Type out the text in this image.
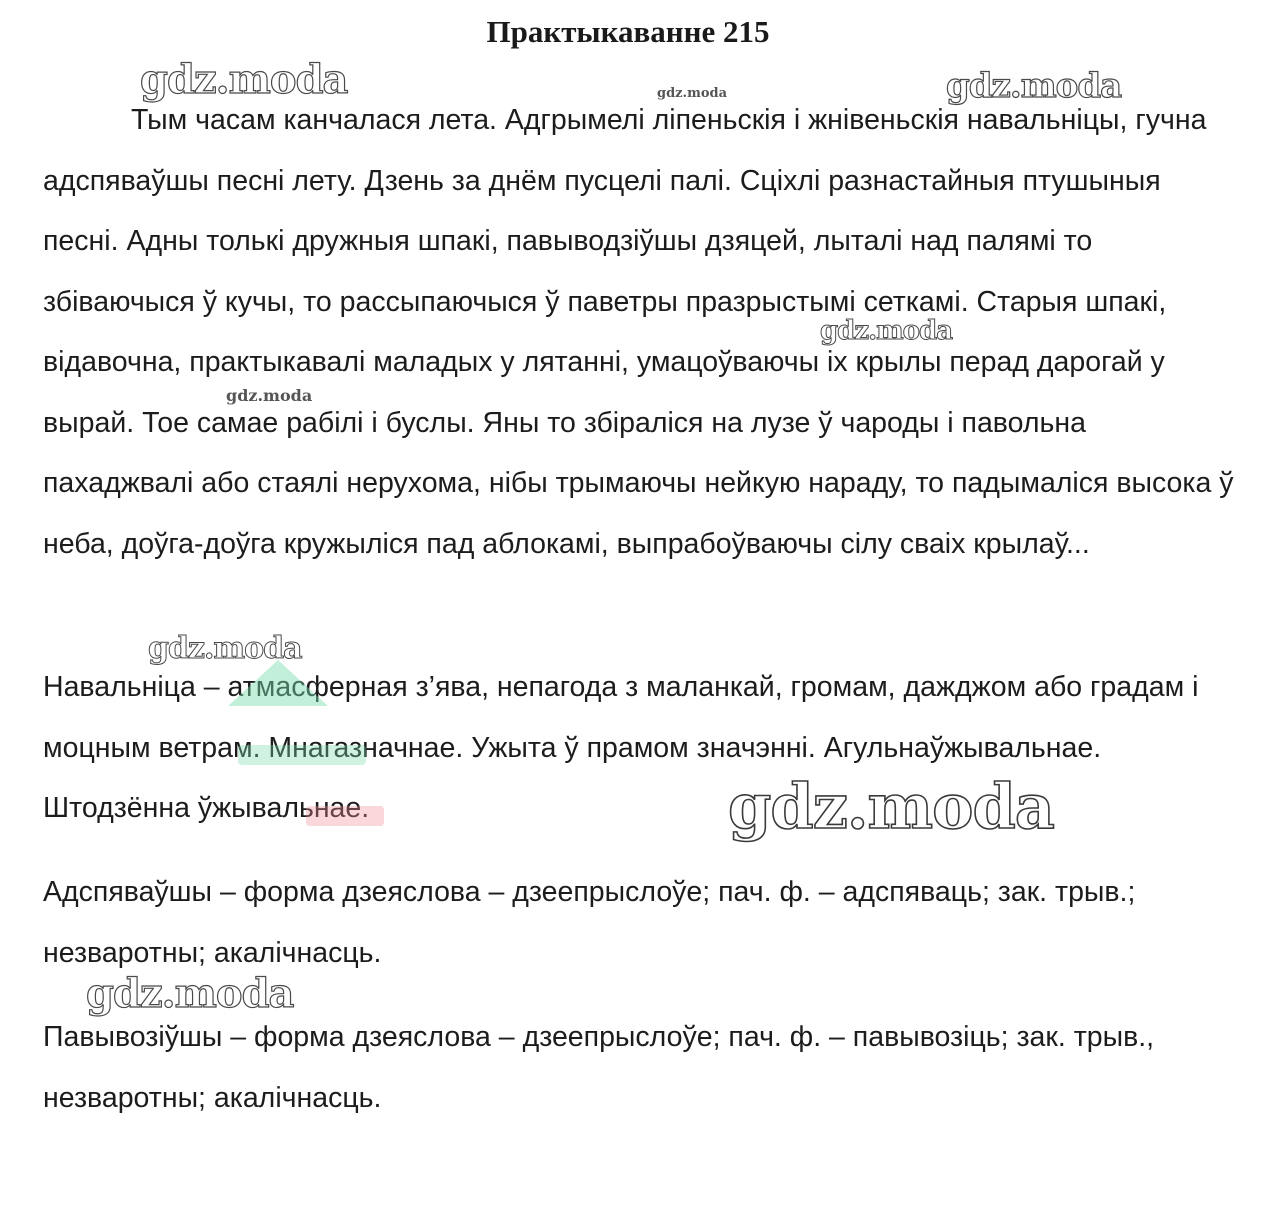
Практыкаванне 215

Тым часам канчалася лета. Адгрымелі ліпеньскія і жнівеньскія навальніцы, гучна адспяваўшы песні лету. Дзень за днём пусцелі палі. Сціхлі разнастайныя птушыныя песні. Адны толькі дружныя шпакі, павыводзіўшы дзяцей, лыталі над палямі то збіваючыся ў кучы, то рассыпаючыся ў паветры празрыстымі сеткамі. Старыя шпакі, відавочна, практыкавалі маладых у лятанні, умацоўваючы іх крылы перад дарогай у вырай. Тое самае рабілі і буслы. Яны то збіраліся на лузе ў чароды і павольна пахаджвалі або стаялі нерухома, нібы трымаючы нейкую нараду, то падымаліся высока ў неба, доўга-доўга кружыліся пад аблокамі, выпрабоўваючы сілу сваіх крылаў...

Навальніца – атмасферная з’ява, непагода з маланкай, громам, дажджом або градам і моцным ветрам. Мнагазначнае. Ужыта ў прамом значэнні. Агульнаўжывальнае. Штодзённа ўжывальнае.

Адспяваўшы – форма дзеяслова – дзеепрыслоўе; пач. ф. – адспяваць; зак. трыв.; незваротны; акалічнасць.

Павывозіўшы – форма дзеяслова – дзеепрыслоўе; пач. ф. – павывозіць; зак. трыв., незваротны; акалічнасць.

gdz.moda	gdz.moda	gdz.moda
gdz.moda
gdz.moda
gdz.moda
gdz.moda
gdz.moda
